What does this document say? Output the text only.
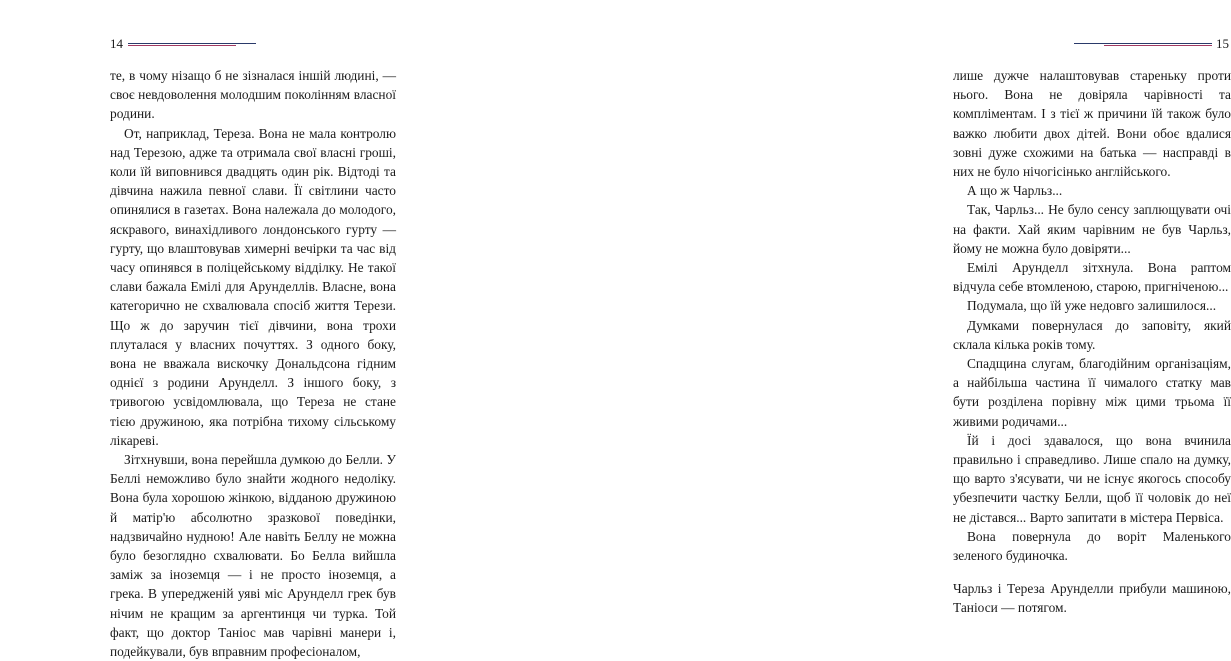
14

те, в чому нізащо б не зізналася іншій людині, — своє невдоволення молодшим поколінням власної родини.

От, наприклад, Тереза. Вона не мала контролю над Терезою, адже та отримала свої власні гроші, коли їй виповнився двадцять один рік. Відтоді та дівчина нажила певної слави. Її світлини часто опинялися в газетах. Вона належала до молодого, яскравого, винахідливого лондонського гурту — гурту, що влаштовував химерні вечірки та час від часу опинявся в поліцейському відділку. Не такої слави бажала Емілі для Арунделлів. Власне, вона категорично не схвалювала спосіб життя Терези. Що ж до заручин тієї дівчини, вона трохи плуталася у власних почуттях. З одного боку, вона не вважала вискочку Дональдсона гідним однієї з родини Арунделл. З іншого боку, з тривогою усвідомлювала, що Тереза не стане тією дружиною, яка потрібна тихому сільському лікареві.

Зітхнувши, вона перейшла думкою до Белли. У Беллі неможливо було знайти жодного недоліку. Вона була хорошою жінкою, відданою дружиною й матір'ю абсолютно зразкової поведінки, надзвичайно нудною! Але навіть Беллу не можна було безоглядно схвалювати. Бо Белла вийшла заміж за іноземця — і не просто іноземця, а грека. В упередженій уяві міс Арунделл грек був нічим не кращим за аргентинця чи турка. Той факт, що доктор Таніос мав чарівні манери і, подейкували, був вправним професіоналом,

15

лише дужче налаштовував стареньку проти нього. Вона не довіряла чарівності та компліментам. І з тієї ж причини їй також було важко любити двох дітей. Вони обоє вдалися зовні дуже схожими на батька — насправді в них не було нічогісінько англійського.

А що ж Чарльз...

Так, Чарльз... Не було сенсу заплющувати очі на факти. Хай яким чарівним не був Чарльз, йому не можна було довіряти...

Емілі Арунделл зітхнула. Вона раптом відчула себе втомленою, старою, пригніченою...

Подумала, що їй уже недовго залишилося...

Думками повернулася до заповіту, який склала кілька років тому.

Спадщина слугам, благодійним організаціям, а найбільша частина її чималого статку мав бути розділена порівну між цими трьома її живими родичами...

Їй і досі здавалося, що вона вчинила правильно і справедливо. Лише спало на думку, що варто з'ясувати, чи не існує якогось способу убезпечити частку Белли, щоб її чоловік до неї не дістався... Варто запитати в містера Первіса.

Вона повернула до воріт Маленького зеленого будиночка.

Чарльз і Тереза Арунделли прибули машиною, Таніоси — потягом.
